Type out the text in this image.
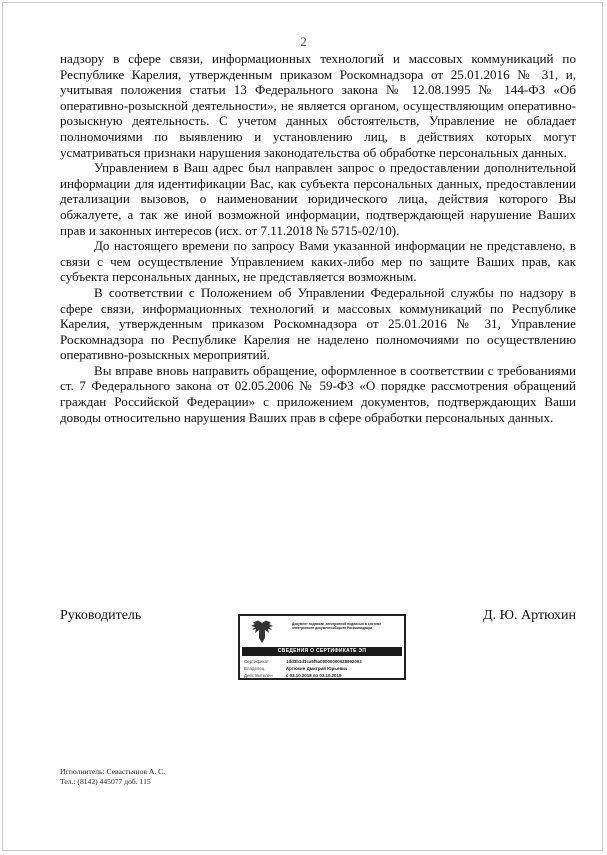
2

надзору в сфере связи, информационных технологий и массовых коммуникаций по Республике Карелия, утвержденным приказом Роскомнадзора от 25.01.2016 № 31, и, учитывая положения статьи 13 Федерального закона № 12.08.1995 № 144-ФЗ «Об оперативно-розыскной деятельности», не является органом, осуществляющим оперативно-розыскную деятельность. С учетом данных обстоятельств, Управление не обладает полномочиями по выявлению и установлению лиц, в действиях которых могут усматриваться признаки нарушения законодательства об обработке персональных данных.

Управлением в Ваш адрес был направлен запрос о предоставлении дополнительной информации для идентификации Вас, как субъекта персональных данных, предоставлении детализации вызовов, о наименовании юридического лица, действия которого Вы обжалуете, а так же иной возможной информации, подтверждающей нарушение Ваших прав и законных интересов (исх. от 7.11.2018 № 5715-02/10).

До настоящего времени по запросу Вами указанной информации не представлено, в связи с чем осуществление Управлением каких-либо мер по защите Ваших прав, как субъекта персональных данных, не представляется возможным.

В соответствии с Положением об Управлении Федеральной службы по надзору в сфере связи, информационных технологий и массовых коммуникаций по Республике Карелия, утвержденным приказом Роскомнадзора от 25.01.2016 № 31, Управление Роскомнадзора по Республике Карелия не наделено полномочиями по осуществлению оперативно-розыскных мероприятий.

Вы вправе вновь направить обращение, оформленное в соответствии с требованиями ст. 7 Федерального закона от 02.05.2006 № 59-ФЗ «О порядке рассмотрения обращений граждан Российской Федерации» с приложением документов, подтверждающих Ваши доводы относительно нарушения Ваших прав в сфере обработки персональных данных.

Руководитель
Документ подписан электронной подписью в системе электронного документооборота Роскомнадзора
СВЕДЕНИЯ О СЕРТИФИКАТЕ ЭП
Сертификат	1dd3b1d1ca5f5a00000000028992003
Владелец	Артюхин Дмитрий Юрьевич
Действителен	с 03.10.2018 по 03.10.2019
Д. Ю. Артюхин
Исполнитель: Севастьянов А. С.
Тел.: (8142) 445077 доб. 115
